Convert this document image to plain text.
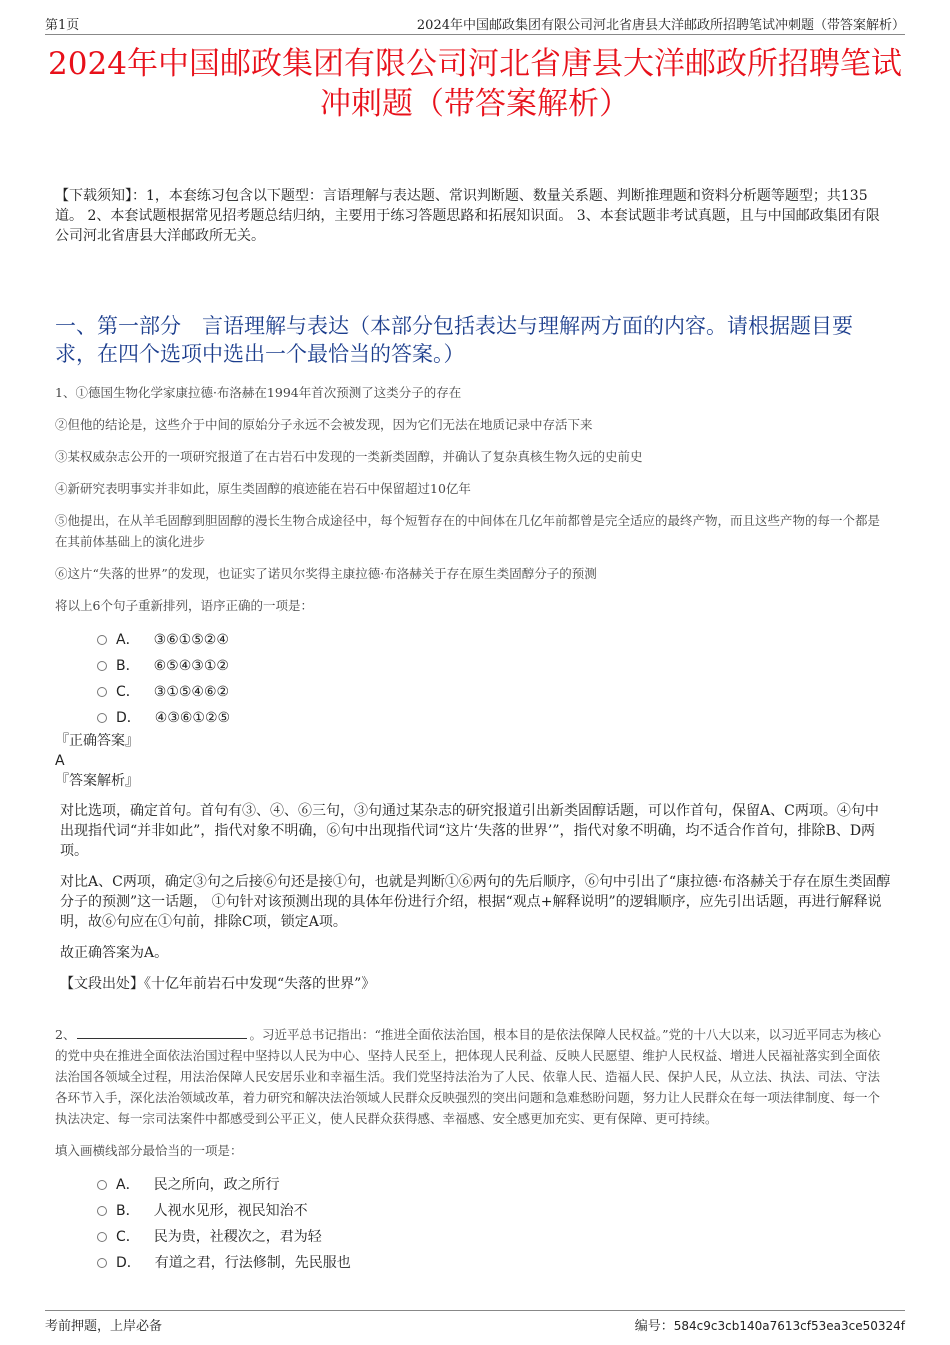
第1页	2024年中国邮政集团有限公司河北省唐县大洋邮政所招聘笔试冲刺题（带答案解析）
2024年中国邮政集团有限公司河北省唐县大洋邮政所招聘笔试冲刺题（带答案解析）

【下载须知】：1，本套练习包含以下题型：言语理解与表达题、常识判断题、数量关系题、判断推理题和资料分析题等题型；共135道。 2、本套试题根据常见招考题总结归纳，主要用于练习答题思路和拓展知识面。 3、本套试题非考试真题，且与中国邮政集团有限公司河北省唐县大洋邮政所无关。

一、第一部分　言语理解与表达（本部分包括表达与理解两方面的内容。请根据题目要求，在四个选项中选出一个最恰当的答案。）

1、①德国生物化学家康拉德·布洛赫在1994年首次预测了这类分子的存在

②但他的结论是，这些介于中间的原始分子永远不会被发现，因为它们无法在地质记录中存活下来

③某权威杂志公开的一项研究报道了在古岩石中发现的一类新类固醇，并确认了复杂真核生物久远的史前史

④新研究表明事实并非如此，原生类固醇的痕迹能在岩石中保留超过10亿年

⑤他提出，在从羊毛固醇到胆固醇的漫长生物合成途径中，每个短暂存在的中间体在几亿年前都曾是完全适应的最终产物，而且这些产物的每一个都是在其前体基础上的演化进步

⑥这片“失落的世界”的发现，也证实了诺贝尔奖得主康拉德·布洛赫关于存在原生类固醇分子的预测

将以上6个句子重新排列，语序正确的一项是：

A． ③⑥①⑤②④
B． ⑥⑤④③①②
C． ③①⑤④⑥②
D． ④③⑥①②⑤

『正确答案』

A

『答案解析』

对比选项，确定首句。首句有③、④、⑥三句，③句通过某杂志的研究报道引出新类固醇话题，可以作首句，保留A、C两项。④句中出现指代词“并非如此”，指代对象不明确，⑥句中出现指代词“这片‘失落的世界’”，指代对象不明确，均不适合作首句，排除B、D两项。

对比A、C两项，确定③句之后接⑥句还是接①句，也就是判断①⑥两句的先后顺序，⑥句中引出了“康拉德·布洛赫关于存在原生类固醇分子的预测”这一话题， ①句针对该预测出现的具体年份进行介绍，根据“观点+解释说明”的逻辑顺序，应先引出话题，再进行解释说明，故⑥句应在①句前，排除C项，锁定A项。

故正确答案为A。

【文段出处】《十亿年前岩石中发现“失落的世界”》

2、	。习近平总书记指出：“推进全面依法治国，根本目的是依法保障人民权益。”党的十八大以来，以习近平同志为核心的党中央在推进全面依法治国过程中坚持以人民为中心、坚持人民至上，把体现人民利益、反映人民愿望、维护人民权益、增进人民福祉落实到全面依法治国各领域全过程，用法治保障人民安居乐业和幸福生活。我们党坚持法治为了人民、依靠人民、造福人民、保护人民，从立法、执法、司法、守法各环节入手，深化法治领域改革，着力研究和解决法治领域人民群众反映强烈的突出问题和急难愁盼问题，努力让人民群众在每一项法律制度、每一个执法决定、每一宗司法案件中都感受到公平正义，使人民群众获得感、幸福感、安全感更加充实、更有保障、更可持续。

填入画横线部分最恰当的一项是：

A． 民之所向，政之所行
B． 人视水见形，视民知治不
C． 民为贵，社稷次之，君为轻
D． 有道之君，行法修制，先民服也
考前押题，上岸必备	编号：584c9c3cb140a7613cf53ea3ce50324f
